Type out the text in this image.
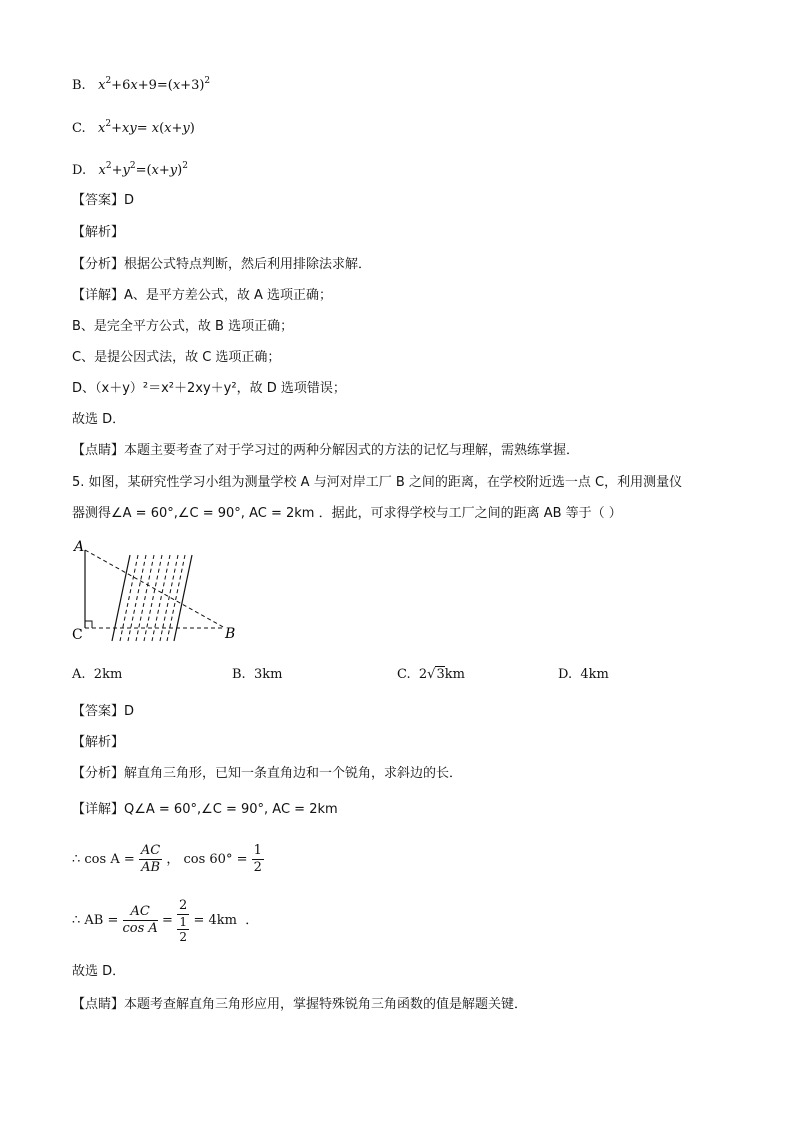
B. $x^2+6x+9=(x+3)^2$
C. $x^2+xy= x(x+y)$
D. $x^2+y^2=(x+y)^2$
【答案】D
【解析】
【分析】根据公式特点判断，然后利用排除法求解．
【详解】A、是平方差公式，故 A 选项正确；
B、是完全平方公式，故 B 选项正确；
C、是提公因式法，故 C 选项正确；
D、（x＋y）²＝x²＋2xy＋y²，故 D 选项错误；
故选 D．
【点睛】本题主要考查了对于学习过的两种分解因式的方法的记忆与理解，需熟练掌握．
5. 如图，某研究性学习小组为测量学校 A 与河对岸工厂 B 之间的距离，在学校附近选一点 C，利用测量仪
器测得∠A = 60°,∠C = 90°, AC = 2km ．据此，可求得学校与工厂之间的距离 AB 等于（ ）
A
C	B
A. 2km	B. 3km	C. 2√3km	D. 4km
【答案】D
【解析】
【分析】解直角三角形，已知一条直角边和一个锐角，求斜边的长．
【详解】Q∠A = 60°,∠C = 90°, AC = 2km
∴ $\cos A = \frac{AC}{AB}$ ， $\cos 60^\circ = \frac{1}{2}$
∴ AB = $\frac{AC}{\text{cos A}} = \frac{2}{\frac{1}{2}} = 4km$ ．
故选 D．
【点睛】本题考查解直角三角形应用，掌握特殊锐角三角函数的值是解题关键．
